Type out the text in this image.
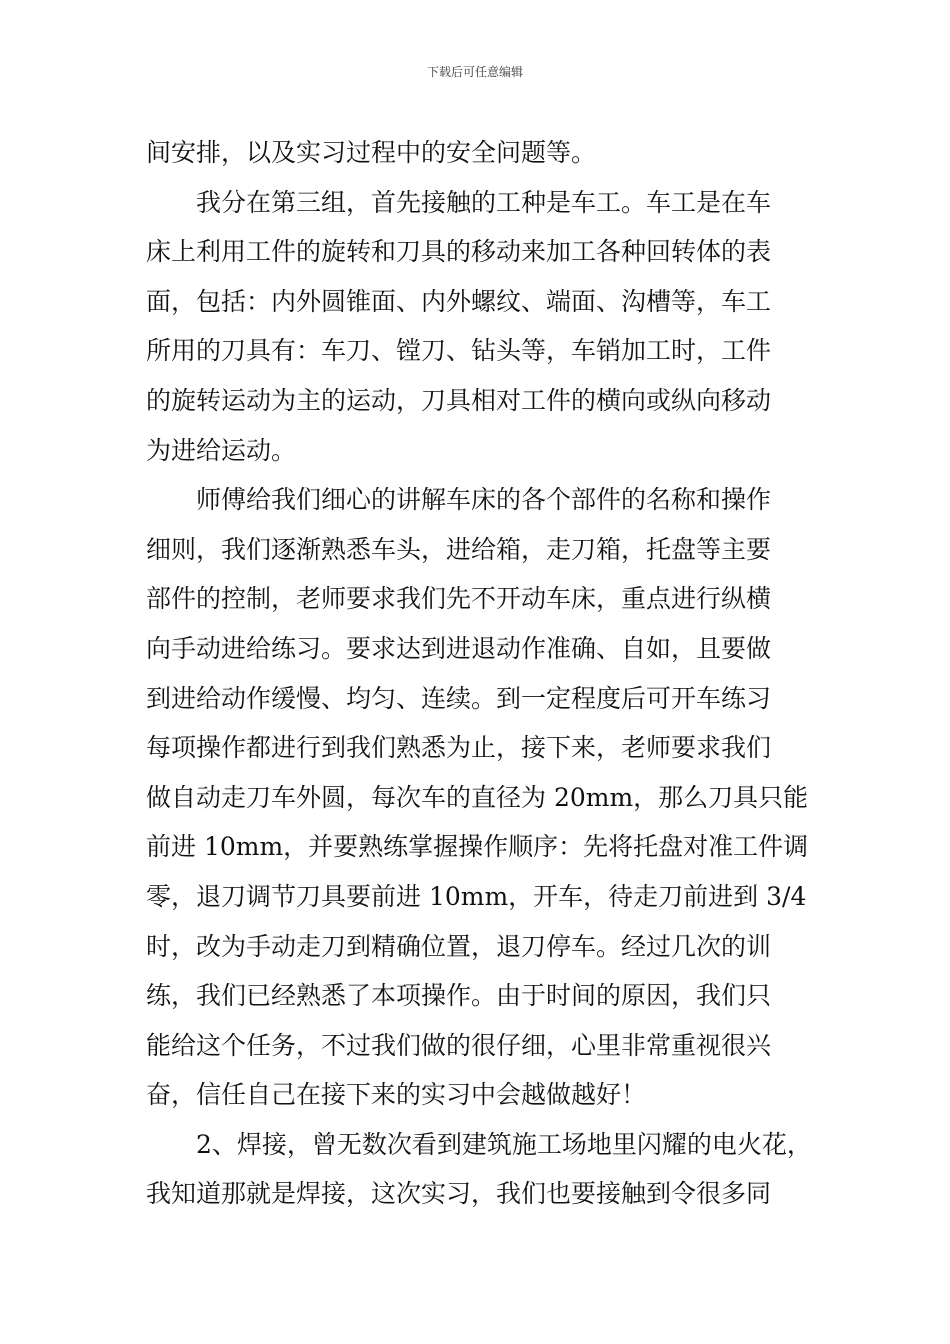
下载后可任意编辑
间安排，以及实习过程中的安全问题等。
我分在第三组，首先接触的工种是车工。车工是在车
床上利用工件的旋转和刀具的移动来加工各种回转体的表
面，包括：内外圆锥面、内外螺纹、端面、沟槽等，车工
所用的刀具有：车刀、镗刀、钻头等，车销加工时，工件
的旋转运动为主的运动，刀具相对工件的横向或纵向移动
为进给运动。
师傅给我们细心的讲解车床的各个部件的名称和操作
细则，我们逐渐熟悉车头，进给箱，走刀箱，托盘等主要
部件的控制，老师要求我们先不开动车床，重点进行纵横
向手动进给练习。要求达到进退动作准确、自如，且要做
到进给动作缓慢、均匀、连续。到一定程度后可开车练习
每项操作都进行到我们熟悉为止，接下来，老师要求我们
做自动走刀车外圆，每次车的直径为 20mm，那么刀具只能
前进 10mm，并要熟练掌握操作顺序：先将托盘对准工件调
零，退刀调节刀具要前进 10mm，开车，待走刀前进到 3/4
时，改为手动走刀到精确位置，退刀停车。经过几次的训
练，我们已经熟悉了本项操作。由于时间的原因，我们只
能给这个任务，不过我们做的很仔细，心里非常重视很兴
奋，信任自己在接下来的实习中会越做越好！
2、焊接，曾无数次看到建筑施工场地里闪耀的电火花，
我知道那就是焊接，这次实习，我们也要接触到令很多同
